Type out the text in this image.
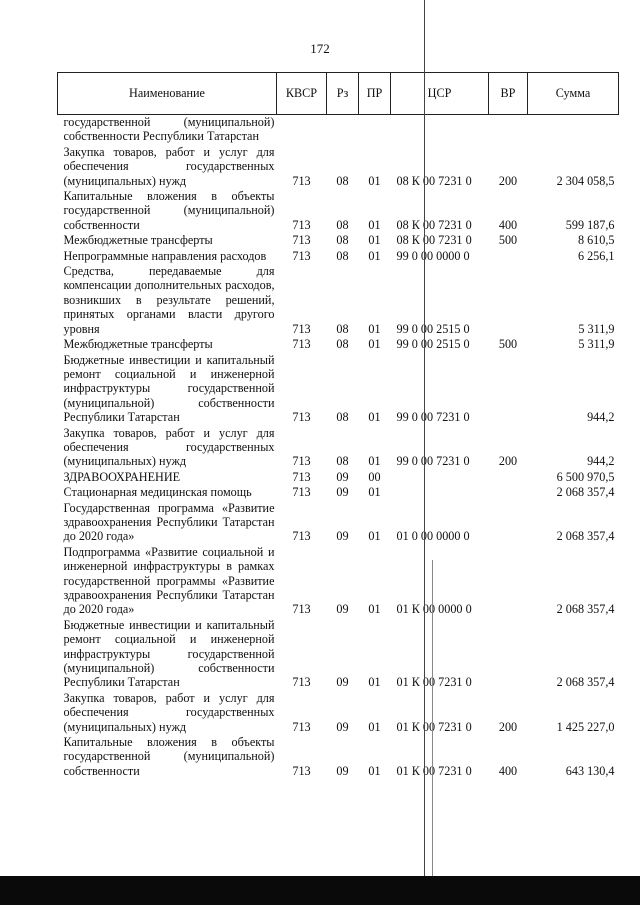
172
Наименование	КВСР	Рз	ПР	ЦСР	ВР	Сумма
государственной (муниципальной) собственности Республики Татарстан						
Закупка товаров, работ и услуг для обеспечения государственных (муниципальных) нужд	713	08	01	08 К 00 7231 0	200	2 304 058,5
Капитальные вложения в объекты государственной (муниципальной) собственности	713	08	01	08 К 00 7231 0	400	599 187,6
Межбюджетные трансферты	713	08	01	08 К 00 7231 0	500	8 610,5
Непрограммные направления расходов	713	08	01	99 0 00 0000 0		6 256,1
Средства, передаваемые для компенсации дополнительных расходов, возникших в результате решений, принятых органами власти другого уровня	713	08	01	99 0 00 2515 0		5 311,9
Межбюджетные трансферты	713	08	01	99 0 00 2515 0	500	5 311,9
Бюджетные инвестиции и капитальный ремонт социальной и инженерной инфраструктуры государственной (муниципальной) собственности Республики Татарстан	713	08	01	99 0 00 7231 0		944,2
Закупка товаров, работ и услуг для обеспечения государственных (муниципальных) нужд	713	08	01	99 0 00 7231 0	200	944,2
ЗДРАВООХРАНЕНИЕ	713	09	00			6 500 970,5
Стационарная медицинская помощь	713	09	01			2 068 357,4
Государственная программа «Развитие здравоохранения Республики Татарстан до 2020 года»	713	09	01	01 0 00 0000 0		2 068 357,4
Подпрограмма «Развитие социальной и инженерной инфраструктуры в рамках государственной программы «Развитие здравоохранения Республики Татарстан до 2020 года»	713	09	01	01 К 00 0000 0		2 068 357,4
Бюджетные инвестиции и капитальный ремонт социальной и инженерной инфраструктуры государственной (муниципальной) собственности Республики Татарстан	713	09	01	01 К 00 7231 0		2 068 357,4
Закупка товаров, работ и услуг для обеспечения государственных (муниципальных) нужд	713	09	01	01 К 00 7231 0	200	1 425 227,0
Капитальные вложения в объекты государственной (муниципальной) собственности	713	09	01	01 К 00 7231 0	400	643 130,4
